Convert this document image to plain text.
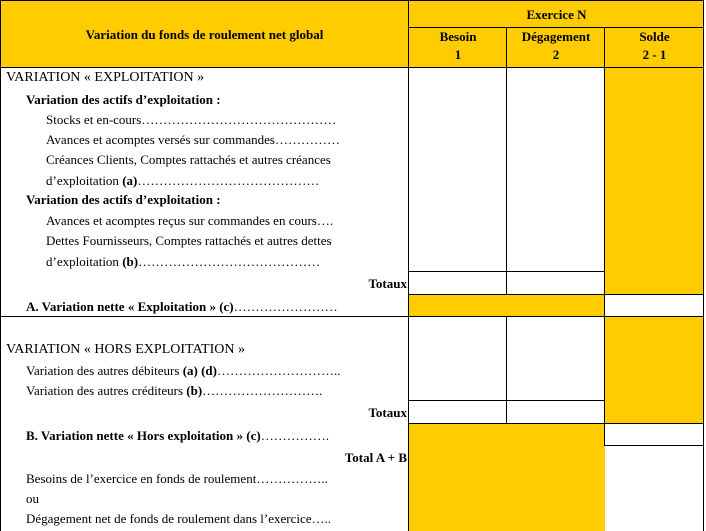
Variation du fonds de roulement net global
Exercice N
Besoin
1
Dégagement
2
Solde
2 - 1
VARIATION « EXPLOITATION »
Variation des actifs d’exploitation :
Stocks et en-cours………………………………………
Avances et acomptes versés sur commandes……………
Créances Clients, Comptes rattachés et autres créances
d’exploitation (a)……………………………………
Variation des actifs d’exploitation :
Avances et acomptes reçus sur commandes en cours….
Dettes Fournisseurs, Comptes rattachés et autres dettes
d’exploitation (b)……………………………………
Totaux
A. Variation nette « Exploitation » (c)……………………
VARIATION « HORS EXPLOITATION »
Variation des autres débiteurs (a) (d)………………………..
Variation des autres créditeurs (b)……………………….
Totaux
B. Variation nette « Hors exploitation » (c)…………….
Total A + B
Besoins de l’exercice en fonds de roulement……………..
ou
Dégagement net de fonds de roulement dans l’exercice…..
